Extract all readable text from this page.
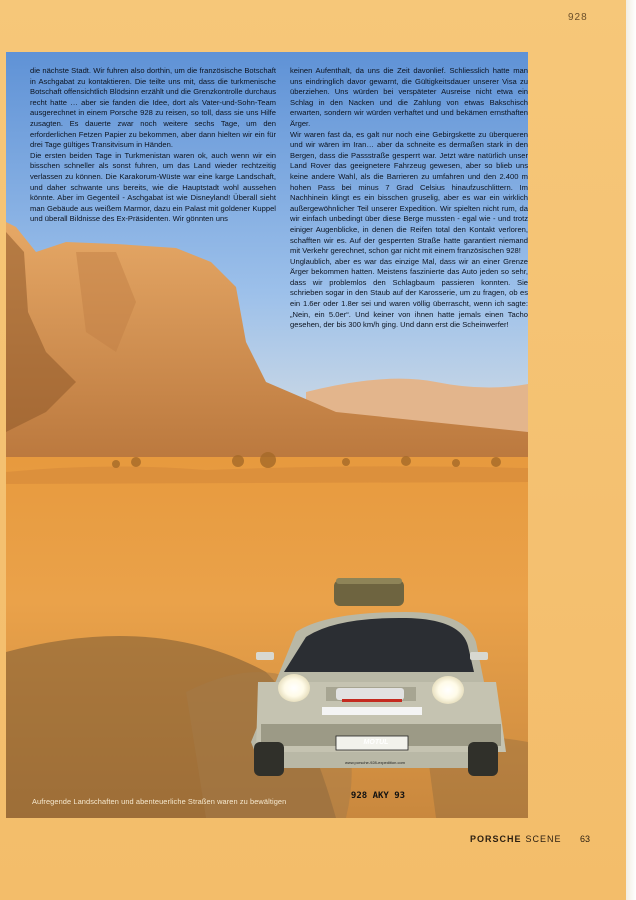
928
928 AKY 93
MOTUL
www.porsche-928-expedition.com

die nächste Stadt. Wir fuhren also dorthin, um die französische Botschaft in Aschgabat zu kontaktieren. Die teilte uns mit, dass die turkmenische Botschaft offensichtlich Blödsinn erzählt und die Grenzkontrolle durchaus recht hatte … aber sie fanden die Idee, dort als Vater-und-Sohn-Team ausgerechnet in einem Porsche 928 zu reisen, so toll, dass sie uns Hilfe zusagten. Es dauerte zwar noch weitere sechs Tage, um den erforderlichen Fetzen Papier zu bekommen, aber dann hielten wir ein für drei Tage gültiges Transitvisum in Händen.

Die ersten beiden Tage in Turkmenistan waren ok, auch wenn wir ein bisschen schneller als sonst fuhren, um das Land wieder rechtzeitig verlassen zu können. Die Karakorum-Wüste war eine karge Landschaft, und daher schwante uns bereits, wie die Hauptstadt wohl aussehen könnte. Aber im Gegenteil - Aschgabat ist wie Disneyland! Überall sieht man Gebäude aus weißem Marmor, dazu ein Palast mit goldener Kuppel und überall Bildnisse des Ex-Präsidenten. Wir gönnten uns

keinen Aufenthalt, da uns die Zeit davonlief. Schliesslich hatte man uns eindringlich davor gewarnt, die Gültigkeitsdauer unserer Visa zu überziehen. Uns würden bei verspäteter Ausreise nicht etwa ein Schlag in den Nacken und die Zahlung von etwas Bakschisch erwarten, sondern wir würden verhaftet und und bekämen ernsthaften Ärger.

Wir waren fast da, es galt nur noch eine Gebirgskette zu überqueren und wir wären im Iran… aber da schneite es dermaßen stark in den Bergen, dass die Passstraße gesperrt war. Jetzt wäre natürlich unser Land Rover das geeignetere Fahrzeug gewesen, aber so blieb uns keine andere Wahl, als die Barrieren zu umfahren und den 2.400 m hohen Pass bei minus 7 Grad Celsius hinaufzuschlittern. Im Nachhinein klingt es ein bisschen gruselig, aber es war ein wirklich außergewöhnlicher Teil unserer Expedition. Wir spielten nicht rum, da wir einfach unbedingt über diese Berge mussten - egal wie - und trotz einiger Augenblicke, in denen die Reifen total den Kontakt verloren, schafften wir es. Auf der gesperrten Straße hatte garantiert niemand mit Verkehr gerechnet, schon gar nicht mit einem französischen 928!

Unglaublich, aber es war das einzige Mal, dass wir an einer Grenze Ärger bekommen hatten. Meistens faszinierte das Auto jeden so sehr, dass wir problemlos den Schlagbaum passieren konnten. Sie schrieben sogar in den Staub auf der Karosserie, um zu fragen, ob es ein 1.6er oder 1.8er sei und waren völlig überrascht, wenn ich sagte: „Nein, ein 5.0er“. Und keiner von ihnen hatte jemals einen Tacho gesehen, der bis 300 km/h ging. Und dann erst die Scheinwerfer!

Aufregende Landschaften und abenteuerliche Straßen waren zu bewältigen
PORSCHE SCENE 63
